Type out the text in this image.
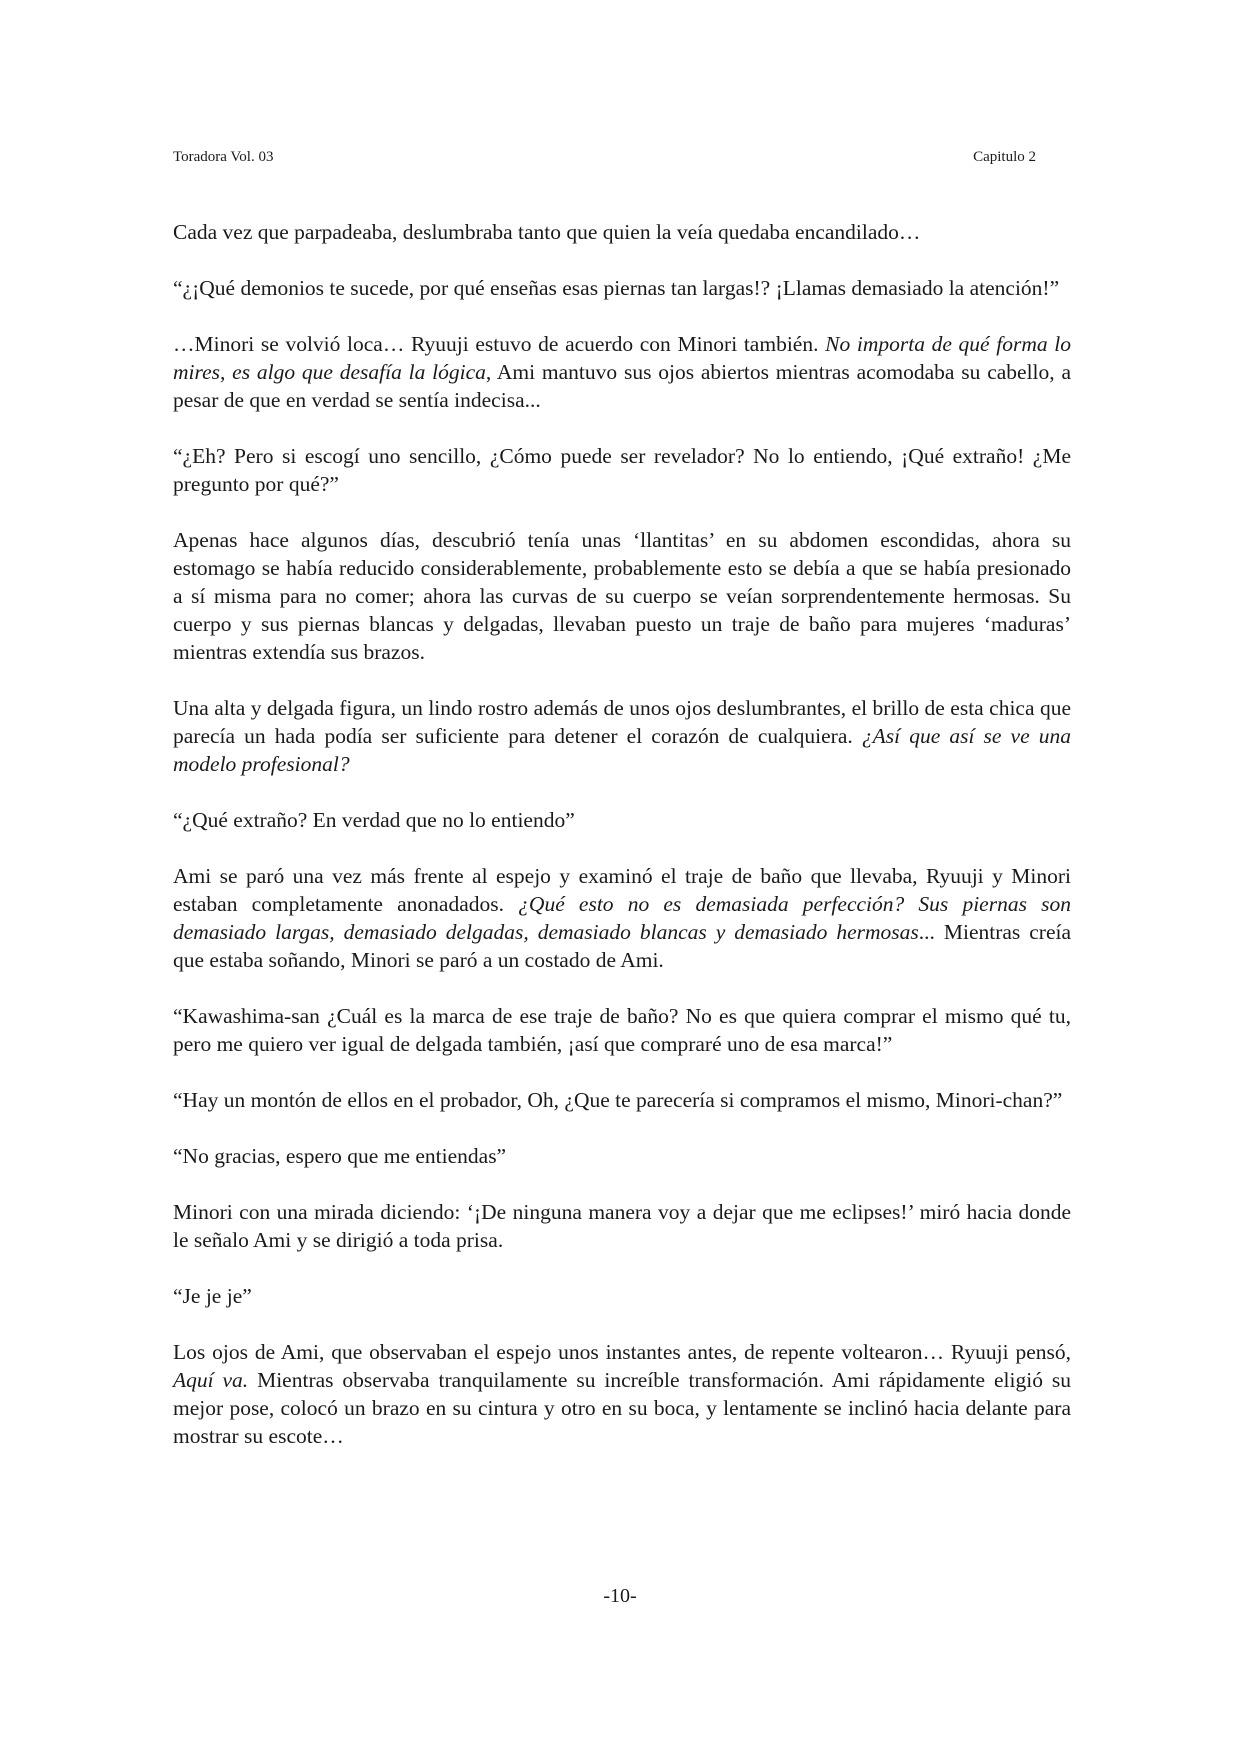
Toradora Vol. 03	Capitulo 2

Cada vez que parpadeaba, deslumbraba tanto que quien la veía quedaba encandilado…

“¿¡Qué demonios te sucede, por qué enseñas esas piernas tan largas!? ¡Llamas demasiado la atención!”

…Minori se volvió loca… Ryuuji estuvo de acuerdo con Minori también. No importa de qué forma lo mires, es algo que desafía la lógica, Ami mantuvo sus ojos abiertos mientras acomodaba su cabello, a pesar de que en verdad se sentía indecisa...

“¿Eh? Pero si escogí uno sencillo, ¿Cómo puede ser revelador? No lo entiendo, ¡Qué extraño! ¿Me pregunto por qué?”

Apenas hace algunos días, descubrió tenía unas ‘llantitas’ en su abdomen escondidas, ahora su estomago se había reducido considerablemente, probablemente esto se debía a que se había presionado a sí misma para no comer; ahora las curvas de su cuerpo se veían sorprendentemente hermosas. Su cuerpo y sus piernas blancas y delgadas, llevaban puesto un traje de baño para mujeres ‘maduras’ mientras extendía sus brazos.

Una alta y delgada figura, un lindo rostro además de unos ojos deslumbrantes, el brillo de esta chica que parecía un hada podía ser suficiente para detener el corazón de cualquiera. ¿Así que así se ve una modelo profesional?

“¿Qué extraño? En verdad que no lo entiendo”

Ami se paró una vez más frente al espejo y examinó el traje de baño que llevaba, Ryuuji y Minori estaban completamente anonadados. ¿Qué esto no es demasiada perfección? Sus piernas son demasiado largas, demasiado delgadas, demasiado blancas y demasiado hermosas... Mientras creía que estaba soñando, Minori se paró a un costado de Ami.

“Kawashima-san ¿Cuál es la marca de ese traje de baño? No es que quiera comprar el mismo qué tu, pero me quiero ver igual de delgada también, ¡así que compraré uno de esa marca!”

“Hay un montón de ellos en el probador, Oh, ¿Que te parecería si compramos el mismo, Minori-chan?”

“No gracias, espero que me entiendas”

Minori con una mirada diciendo: ‘¡De ninguna manera voy a dejar que me eclipses!’ miró hacia donde le señalo Ami y se dirigió a toda prisa.

“Je je je”

Los ojos de Ami, que observaban el espejo unos instantes antes, de repente voltearon… Ryuuji pensó, Aquí va. Mientras observaba tranquilamente su increíble transformación. Ami rápidamente eligió su mejor pose, colocó un brazo en su cintura y otro en su boca, y lentamente se inclinó hacia delante para mostrar su escote…

-10-
